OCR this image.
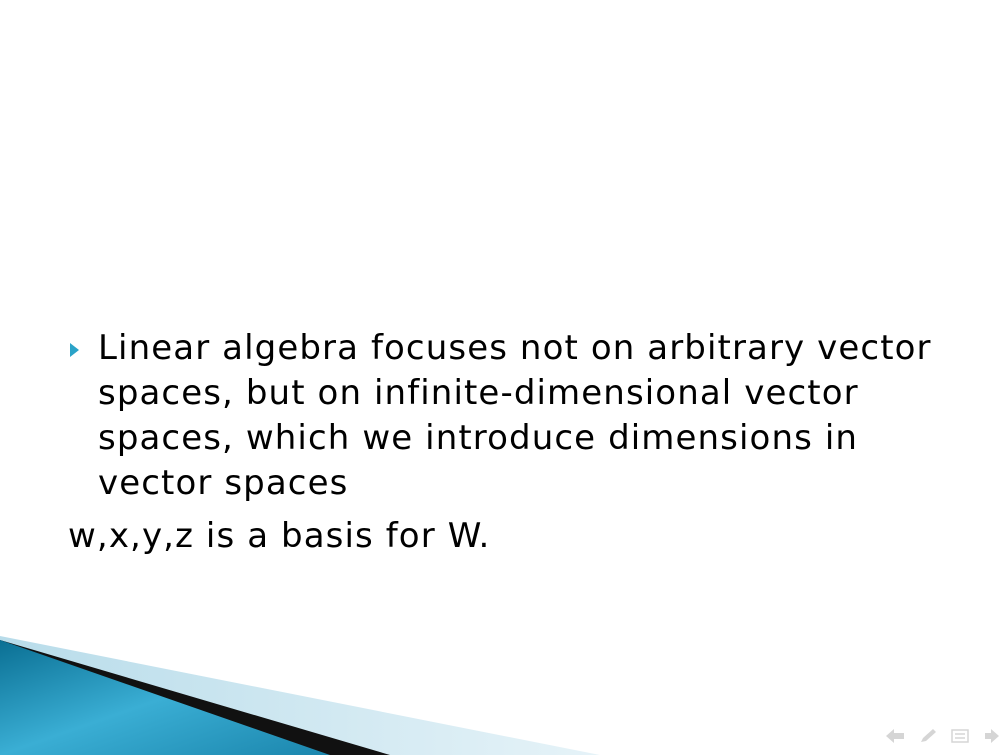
Linear algebra focuses not on arbitrary vector spaces, but on infinite-dimensional vector spaces, which we introduce dimensions in vector spaces
w,x,y,z is a basis for W.
